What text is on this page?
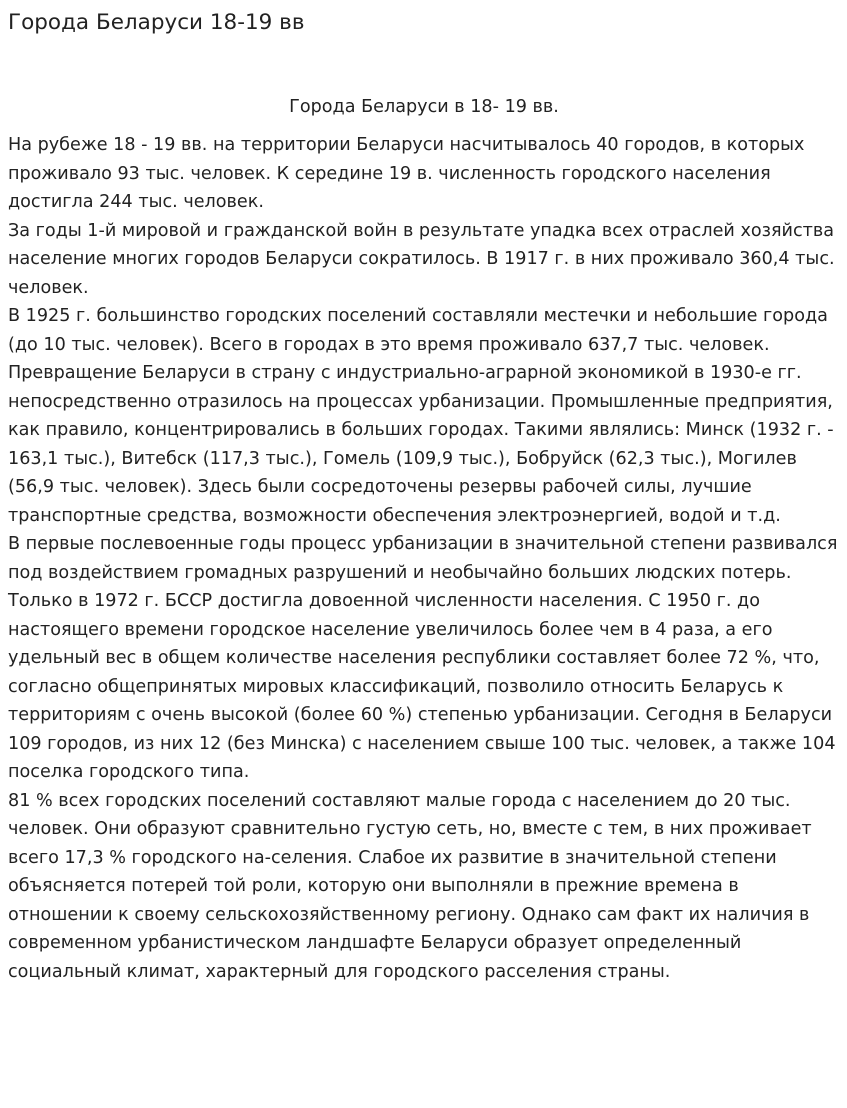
Города Беларуси 18-19 вв
Города Беларуси в 18- 19 вв.

На рубеже 18 - 19 вв. на территории Беларуси насчитывалось 40 городов, в которых проживало 93 тыс. человек. К середине 19 в. численность городского населения достигла 244 тыс. человек.

За годы 1-й мировой и гражданской войн в результате упадка всех отраслей хозяйства население многих городов Беларуси сократилось. В 1917 г. в них проживало 360,4 тыс. человек.

В 1925 г. большинство городских поселений составляли местечки и небольшие города (до 10 тыс. человек). Всего в городах в это время проживало 637,7 тыс. человек. Превращение Беларуси в страну с индустриально-аграрной экономикой в 1930-е гг. непосредственно отразилось на процессах урбанизации. Промышленные предприятия, как правило, концентрировались в больших городах. Такими являлись: Минск (1932 г. - 163,1 тыс.), Витебск (117,3 тыс.), Гомель (109,9 тыс.), Бобруйск (62,3 тыс.), Могилев (56,9 тыс. человек). Здесь были сосредоточены резервы рабочей силы, лучшие транспортные средства, возможности обеспечения электроэнергией, водой и т.д.

В первые послевоенные годы процесс урбанизации в значительной степени развивался под воздействием громадных разрушений и необычайно больших людских потерь. Только в 1972 г. БССР достигла довоенной численности населения. С 1950 г. до настоящего времени городское население увеличилось более чем в 4 раза, а его удельный вес в общем количестве населения республики составляет более 72 %, что, согласно общепринятых мировых классификаций, позволило относить Беларусь к территориям с очень высокой (более 60 %) степенью урбанизации. Сегодня в Беларуси 109 городов, из них 12 (без Минска) с населением свыше 100 тыс. человек, а также 104 поселка городского типа.

81 % всех городских поселений составляют малые города с населением до 20 тыс. человек. Они образуют сравнительно густую сеть, но, вместе с тем, в них проживает всего 17,3 % городского на-селения. Слабое их развитие в значительной степени объясняется потерей той роли, которую они выполняли в прежние времена в отношении к своему сельскохозяйственному региону. Однако сам факт их наличия в современном урбанистическом ландшафте Беларуси образует определенный социальный климат, характерный для городского расселения страны.
